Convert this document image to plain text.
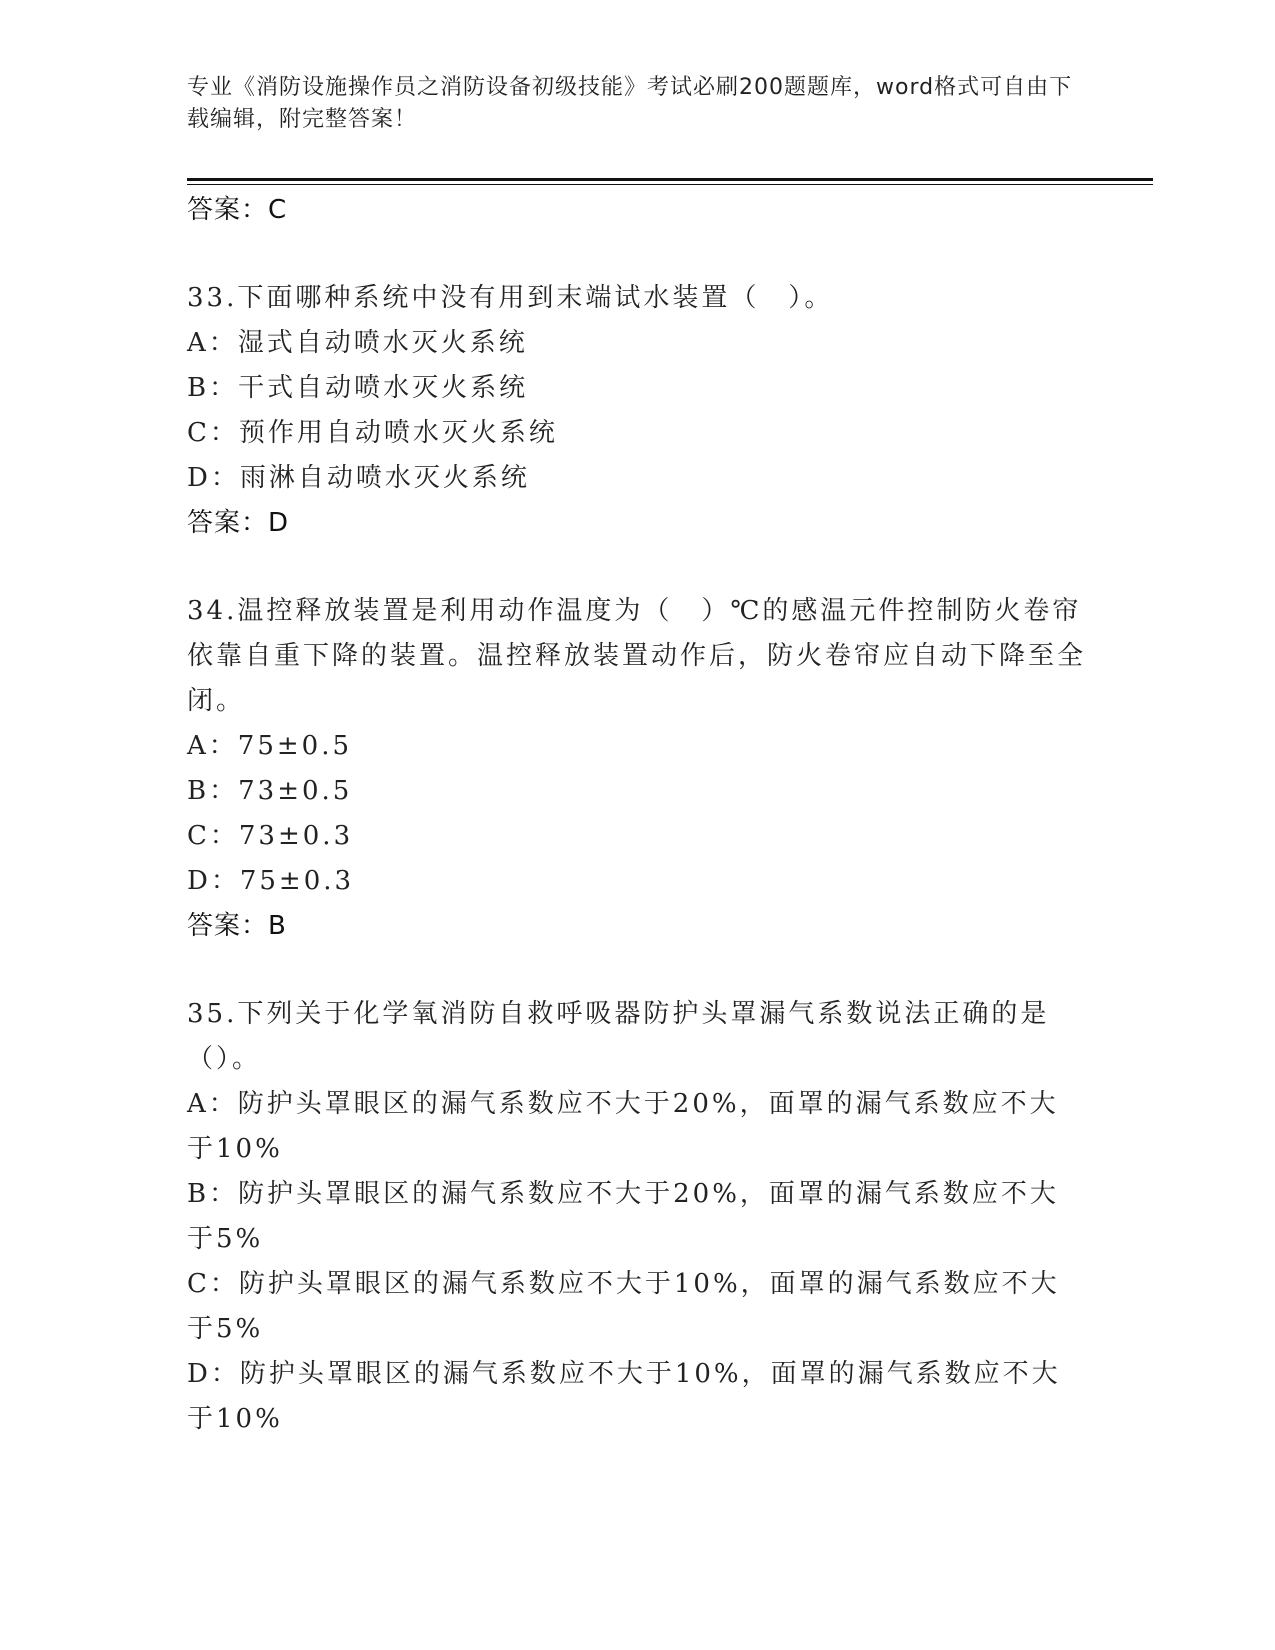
专业《消防设施操作员之消防设备初级技能》考试必刷200题题库，word格式可自由下载编辑，附完整答案！
答案：C
33.下面哪种系统中没有用到末端试水装置（　）。
A：湿式自动喷水灭火系统
B：干式自动喷水灭火系统
C：预作用自动喷水灭火系统
D：雨淋自动喷水灭火系统
答案：D
34.温控释放装置是利用动作温度为（　）℃的感温元件控制防火卷帘依靠自重下降的装置。温控释放装置动作后，防火卷帘应自动下降至全闭。
A：75±0.5
B：73±0.5
C：73±0.3
D：75±0.3
答案：B
35.下列关于化学氧消防自救呼吸器防护头罩漏气系数说法正确的是（）。
A：防护头罩眼区的漏气系数应不大于20%，面罩的漏气系数应不大于10%
B：防护头罩眼区的漏气系数应不大于20%，面罩的漏气系数应不大于5%
C：防护头罩眼区的漏气系数应不大于10%，面罩的漏气系数应不大于5%
D：防护头罩眼区的漏气系数应不大于10%，面罩的漏气系数应不大于10%
